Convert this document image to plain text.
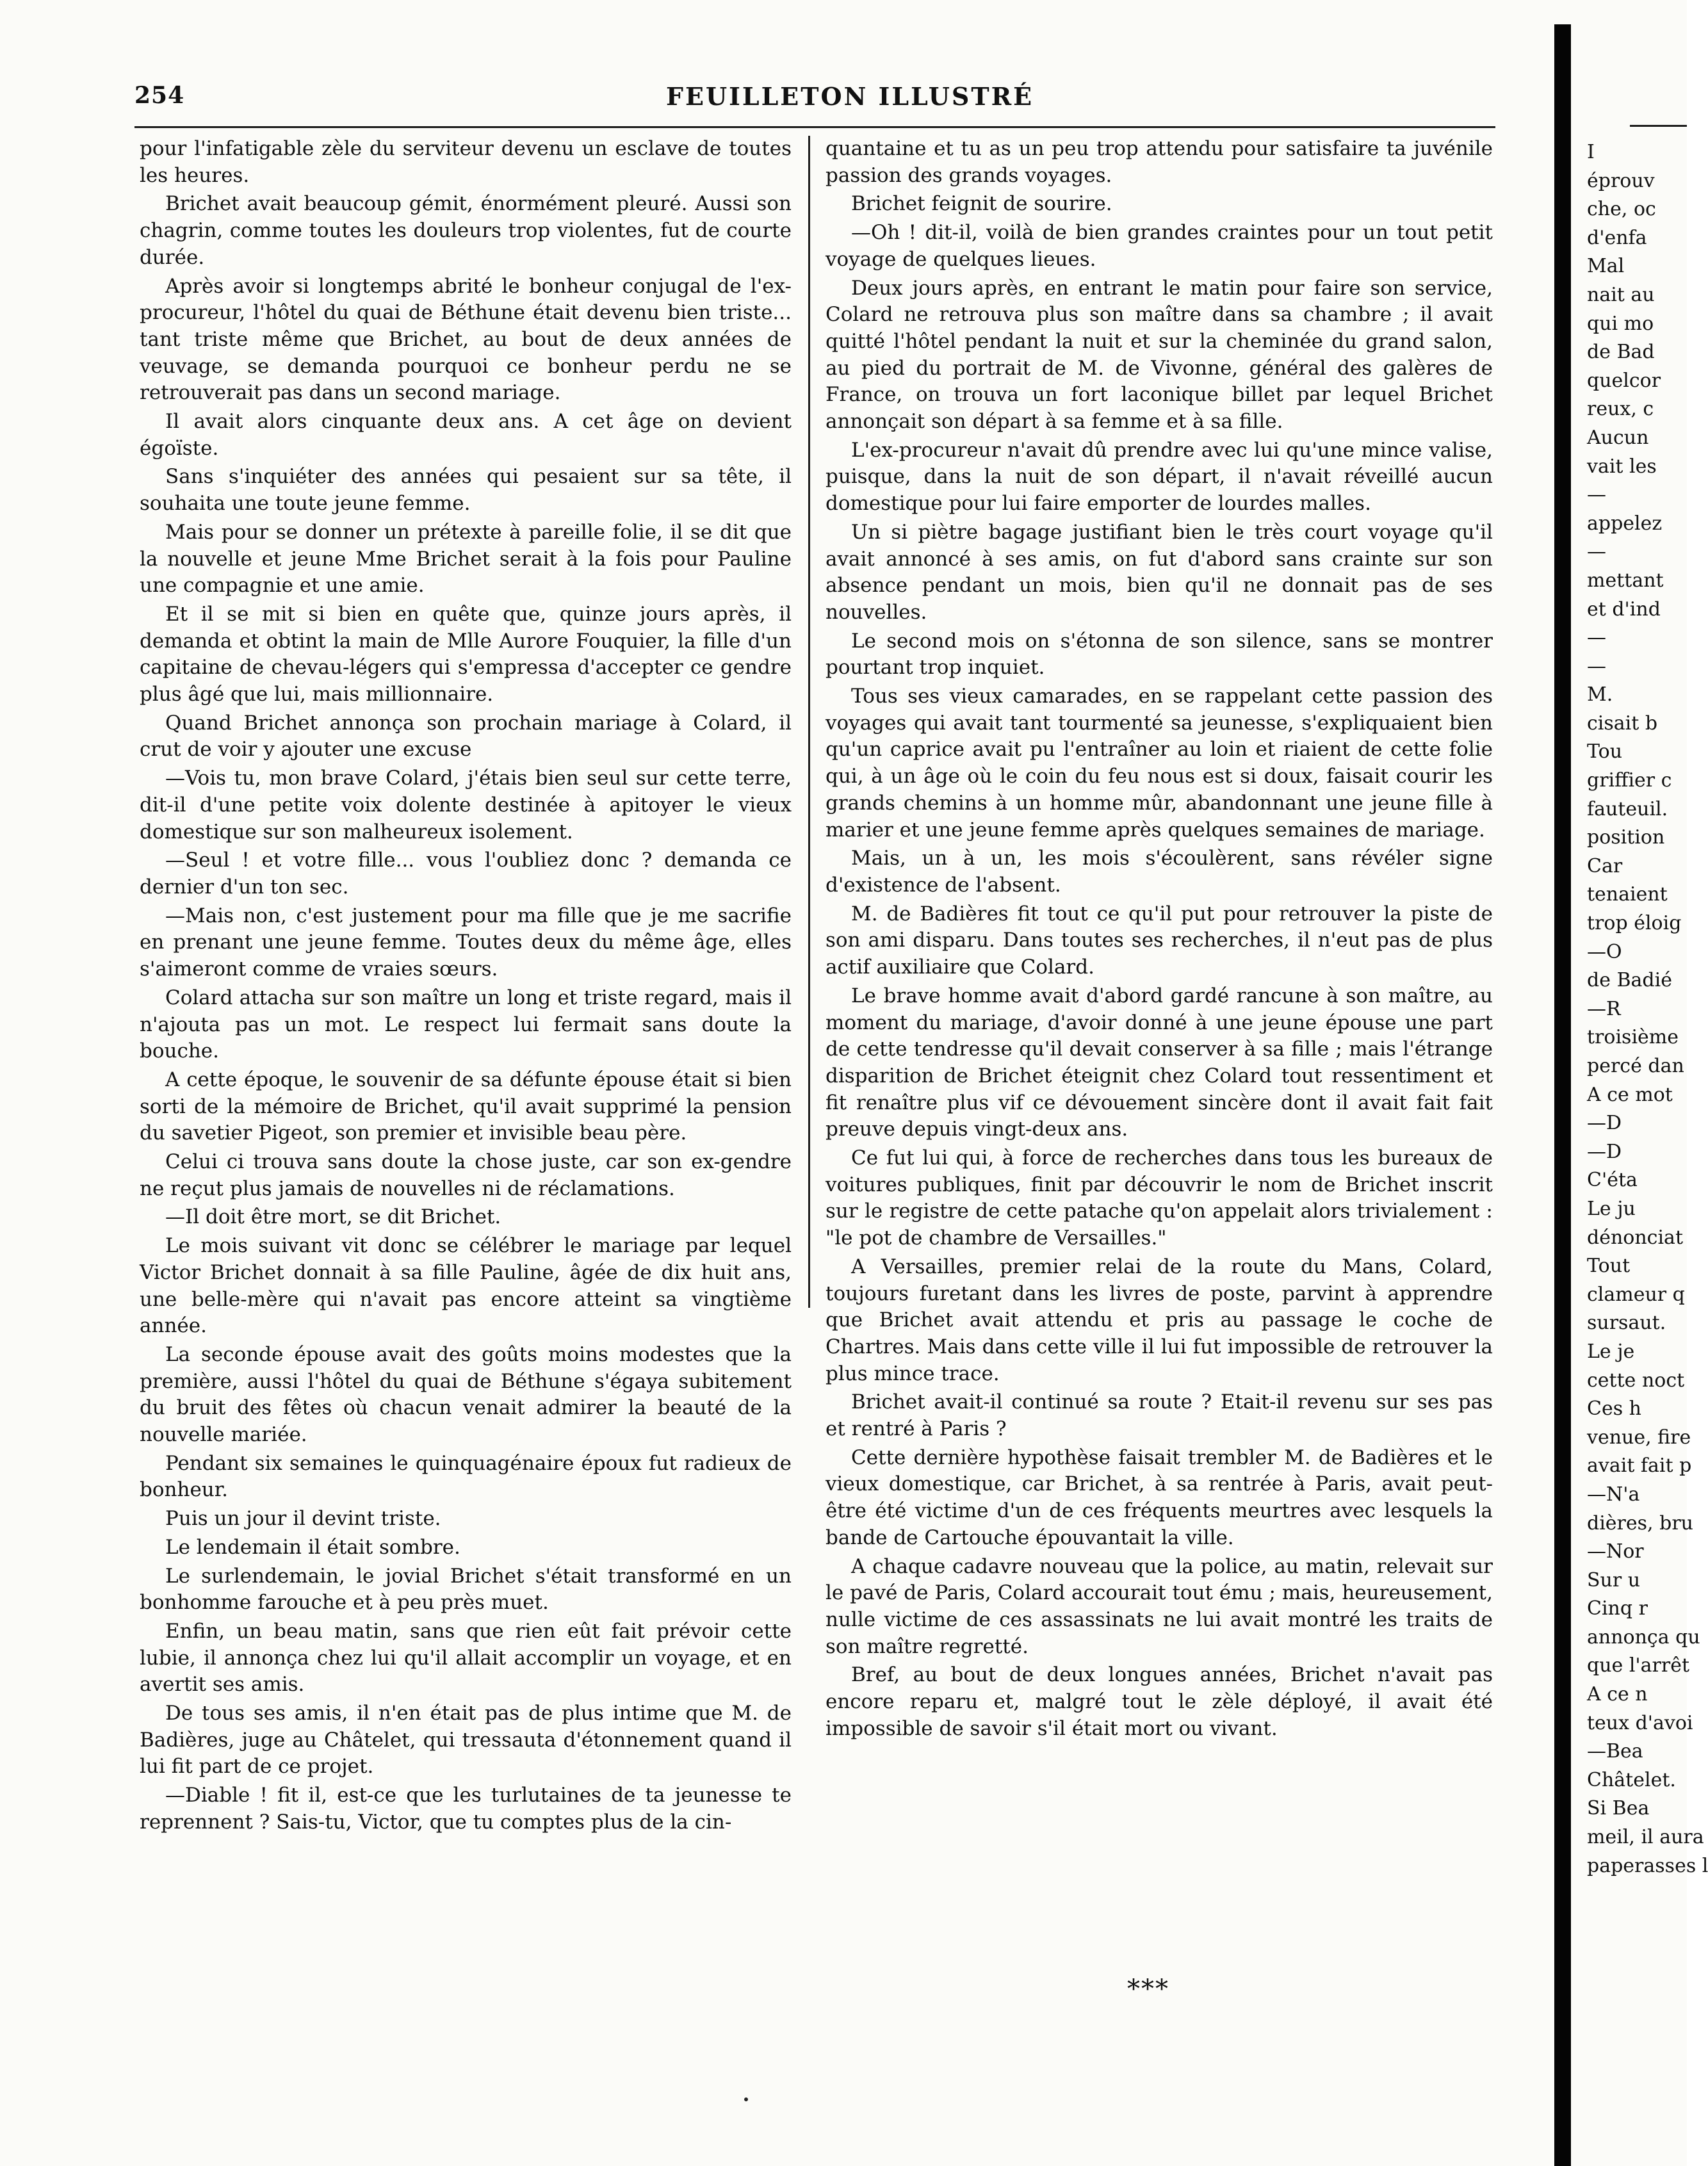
254	FEUILLETON ILLUSTRÉ

pour l'infatigable zèle du serviteur devenu un esclave de toutes les heures.

Brichet avait beaucoup gémit, énormément pleuré. Aussi son chagrin, comme toutes les douleurs trop violentes, fut de courte durée.

Après avoir si longtemps abrité le bonheur conjugal de l'ex-procureur, l'hôtel du quai de Béthune était devenu bien triste... tant triste même que Brichet, au bout de deux années de veuvage, se demanda pourquoi ce bonheur perdu ne se retrouverait pas dans un second mariage.

Il avait alors cinquante deux ans. A cet âge on devient égoïste.

Sans s'inquiéter des années qui pesaient sur sa tête, il souhaita une toute jeune femme.

Mais pour se donner un prétexte à pareille folie, il se dit que la nouvelle et jeune Mme Brichet serait à la fois pour Pauline une compagnie et une amie.

Et il se mit si bien en quête que, quinze jours après, il demanda et obtint la main de Mlle Aurore Fouquier, la fille d'un capitaine de chevau-légers qui s'empressa d'accepter ce gendre plus âgé que lui, mais millionnaire.

Quand Brichet annonça son prochain mariage à Colard, il crut de voir y ajouter une excuse

—Vois tu, mon brave Colard, j'étais bien seul sur cette terre, dit-il d'une petite voix dolente destinée à apitoyer le vieux domestique sur son malheureux isolement.

—Seul ! et votre fille... vous l'oubliez donc ? demanda ce dernier d'un ton sec.

—Mais non, c'est justement pour ma fille que je me sacrifie en prenant une jeune femme. Toutes deux du même âge, elles s'aimeront comme de vraies sœurs.

Colard attacha sur son maître un long et triste regard, mais il n'ajouta pas un mot. Le respect lui fermait sans doute la bouche.

A cette époque, le souvenir de sa défunte épouse était si bien sorti de la mémoire de Brichet, qu'il avait supprimé la pension du savetier Pigeot, son premier et invisible beau père.

Celui ci trouva sans doute la chose juste, car son ex-gendre ne reçut plus jamais de nouvelles ni de réclamations.

—Il doit être mort, se dit Brichet.

Le mois suivant vit donc se célébrer le mariage par lequel Victor Brichet donnait à sa fille Pauline, âgée de dix huit ans, une belle-mère qui n'avait pas encore atteint sa vingtième année.

La seconde épouse avait des goûts moins modestes que la première, aussi l'hôtel du quai de Béthune s'égaya subitement du bruit des fêtes où chacun venait admirer la beauté de la nouvelle mariée.

Pendant six semaines le quinquagénaire époux fut radieux de bonheur.

Puis un jour il devint triste.

Le lendemain il était sombre.

Le surlendemain, le jovial Brichet s'était transformé en un bonhomme farouche et à peu près muet.

Enfin, un beau matin, sans que rien eût fait prévoir cette lubie, il annonça chez lui qu'il allait accomplir un voyage, et en avertit ses amis.

De tous ses amis, il n'en était pas de plus intime que M. de Badières, juge au Châtelet, qui tressauta d'étonnement quand il lui fit part de ce projet.

—Diable ! fit il, est-ce que les turlutaines de ta jeunesse te reprennent ? Sais-tu, Victor, que tu comptes plus de la cin-

quantaine et tu as un peu trop attendu pour satisfaire ta juvénile passion des grands voyages.

Brichet feignit de sourire.

—Oh ! dit-il, voilà de bien grandes craintes pour un tout petit voyage de quelques lieues.

Deux jours après, en entrant le matin pour faire son service, Colard ne retrouva plus son maître dans sa chambre ; il avait quitté l'hôtel pendant la nuit et sur la cheminée du grand salon, au pied du portrait de M. de Vivonne, général des galères de France, on trouva un fort laconique billet par lequel Brichet annonçait son départ à sa femme et à sa fille.

L'ex-procureur n'avait dû prendre avec lui qu'une mince valise, puisque, dans la nuit de son départ, il n'avait réveillé aucun domestique pour lui faire emporter de lourdes malles.

Un si piètre bagage justifiant bien le très court voyage qu'il avait annoncé à ses amis, on fut d'abord sans crainte sur son absence pendant un mois, bien qu'il ne donnait pas de ses nouvelles.

Le second mois on s'étonna de son silence, sans se montrer pourtant trop inquiet.

Tous ses vieux camarades, en se rappelant cette passion des voyages qui avait tant tourmenté sa jeunesse, s'expliquaient bien qu'un caprice avait pu l'entraîner au loin et riaient de cette folie qui, à un âge où le coin du feu nous est si doux, faisait courir les grands chemins à un homme mûr, abandonnant une jeune fille à marier et une jeune femme après quelques semaines de mariage.

Mais, un à un, les mois s'écoulèrent, sans révéler signe d'existence de l'absent.

M. de Badières fit tout ce qu'il put pour retrouver la piste de son ami disparu. Dans toutes ses recherches, il n'eut pas de plus actif auxiliaire que Colard.

Le brave homme avait d'abord gardé rancune à son maître, au moment du mariage, d'avoir donné à une jeune épouse une part de cette tendresse qu'il devait conserver à sa fille ; mais l'étrange disparition de Brichet éteignit chez Colard tout ressentiment et fit renaître plus vif ce dévouement sincère dont il avait fait fait preuve depuis vingt-deux ans.

Ce fut lui qui, à force de recherches dans tous les bureaux de voitures publiques, finit par découvrir le nom de Brichet inscrit sur le registre de cette patache qu'on appelait alors trivialement : "le pot de chambre de Versailles."

A Versailles, premier relai de la route du Mans, Colard, toujours furetant dans les livres de poste, parvint à apprendre que Brichet avait attendu et pris au passage le coche de Chartres. Mais dans cette ville il lui fut impossible de retrouver la plus mince trace.

Brichet avait-il continué sa route ? Etait-il revenu sur ses pas et rentré à Paris ?

Cette dernière hypothèse faisait trembler M. de Badières et le vieux domestique, car Brichet, à sa rentrée à Paris, avait peut-être été victime d'un de ces fréquents meurtres avec lesquels la bande de Cartouche épouvantait la ville.

A chaque cadavre nouveau que la police, au matin, relevait sur le pavé de Paris, Colard accourait tout ému ; mais, heureusement, nulle victime de ces assassinats ne lui avait montré les traits de son maître regretté.

Bref, au bout de deux longues années, Brichet n'avait pas encore reparu et, malgré tout le zèle déployé, il avait été impossible de savoir s'il était mort ou vivant.

***
I
éprouv
che, oc
d'enfa
Mal
nait au
qui mo
de Bad
quelcor
reux, c
Aucun
vait les
—
appelez
—
mettant
et d'ind
—
—
M.
cisait b
Tou
griffier c
fauteuil.
position
Car
tenaient
trop éloig
—O
de Badié
—R
troisième
percé dan
A ce mot
—D
—D
C'éta
Le ju
dénonciat
Tout
clameur q
sursaut.
Le je
cette noct
Ces h
venue, fire
avait fait p
—N'a
dières, bru
—Nor
Sur u
Cinq r
annonça qu
que l'arrêt
A ce n
teux d'avoi
—Bea
Châtelet.
Si Bea
meil, il aura
paperasses l
